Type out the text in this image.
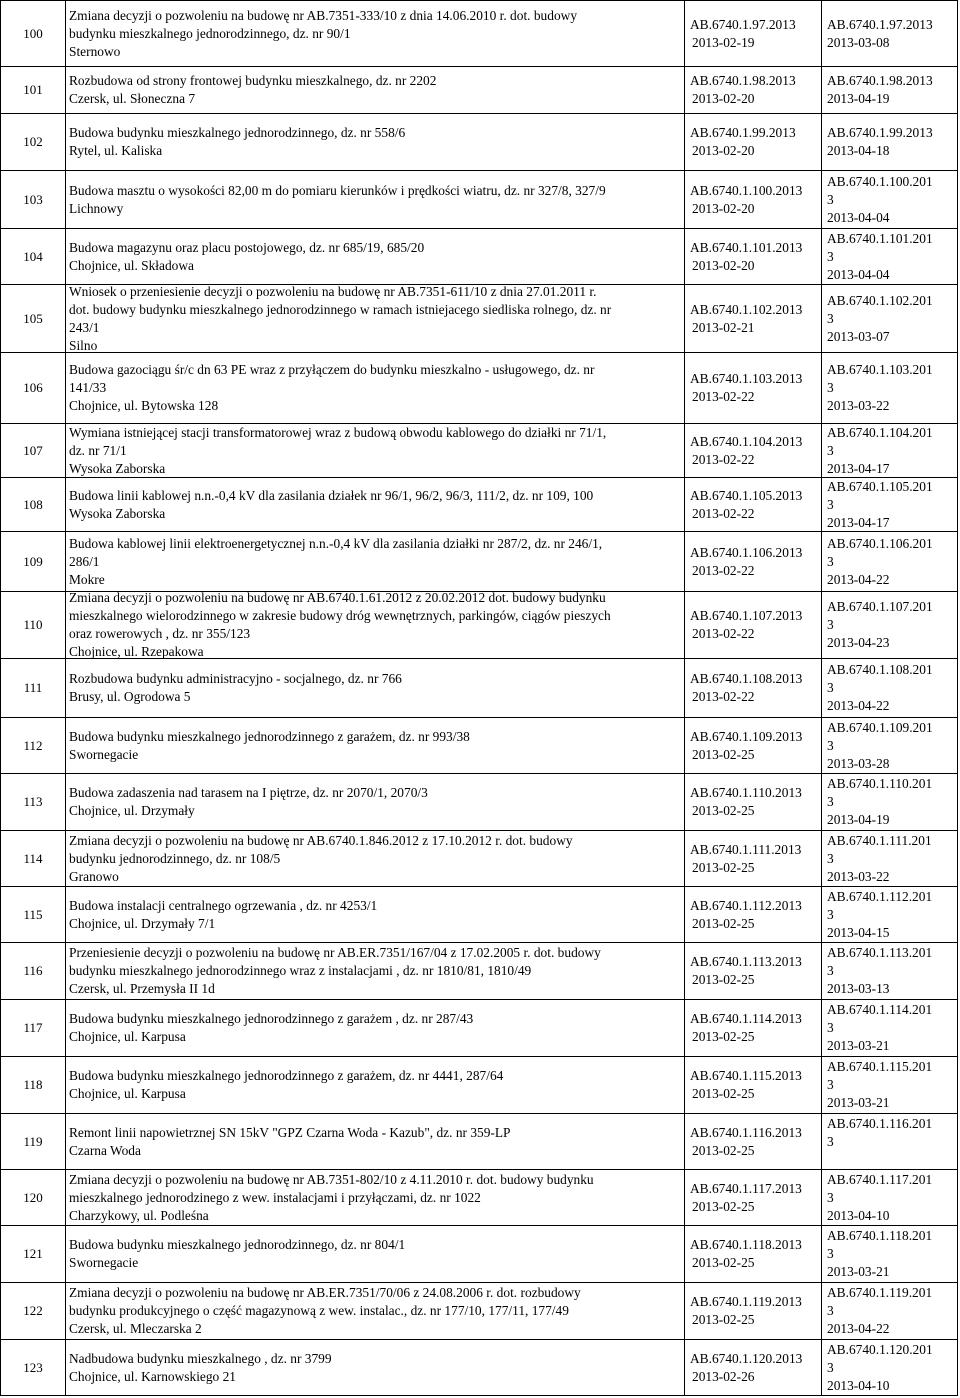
100
Zmiana decyzji o pozwoleniu na budowę nr AB.7351-333/10 z dnia 14.06.2010 r. dot. budowy
budynku mieszkalnego jednorodzinnego, dz. nr 90/1
Sternowo
AB.6740.1.97.2013
2013-02-19
AB.6740.1.97.2013
2013-03-08
101
Rozbudowa od strony frontowej budynku mieszkalnego, dz. nr 2202
Czersk, ul. Słoneczna 7
AB.6740.1.98.2013
2013-02-20
AB.6740.1.98.2013
2013-04-19
102
Budowa budynku mieszkalnego jednorodzinnego, dz. nr 558/6
Rytel, ul. Kaliska
AB.6740.1.99.2013
2013-02-20
AB.6740.1.99.2013
2013-04-18
103
Budowa masztu o wysokości 82,00 m do pomiaru kierunków i prędkości wiatru, dz. nr 327/8, 327/9
Lichnowy
AB.6740.1.100.2013
2013-02-20
AB.6740.1.100.201
3
2013-04-04
104
Budowa magazynu oraz placu postojowego, dz. nr 685/19, 685/20
Chojnice, ul. Składowa
AB.6740.1.101.2013
2013-02-20
AB.6740.1.101.201
3
2013-04-04
105
Wniosek o przeniesienie decyzji o pozwoleniu na budowę nr AB.7351-611/10 z dnia 27.01.2011 r.
dot. budowy budynku mieszkalnego jednorodzinnego w ramach istniejacego siedliska rolnego, dz. nr
243/1
Silno
AB.6740.1.102.2013
2013-02-21
AB.6740.1.102.201
3
2013-03-07
106
Budowa gazociągu śr/c dn 63 PE wraz z przyłączem do budynku mieszkalno - usługowego, dz. nr
141/33
Chojnice, ul. Bytowska 128
AB.6740.1.103.2013
2013-02-22
AB.6740.1.103.201
3
2013-03-22
107
Wymiana istniejącej stacji transformatorowej wraz z budową obwodu kablowego do działki nr 71/1,
dz. nr 71/1
Wysoka Zaborska
AB.6740.1.104.2013
2013-02-22
AB.6740.1.104.201
3
2013-04-17
108
Budowa linii kablowej n.n.-0,4 kV dla zasilania działek nr 96/1, 96/2, 96/3, 111/2, dz. nr 109, 100
Wysoka Zaborska
AB.6740.1.105.2013
2013-02-22
AB.6740.1.105.201
3
2013-04-17
109
Budowa kablowej linii elektroenergetycznej n.n.-0,4 kV dla zasilania działki nr 287/2, dz. nr 246/1,
286/1
Mokre
AB.6740.1.106.2013
2013-02-22
AB.6740.1.106.201
3
2013-04-22
110
Zmiana decyzji o pozwoleniu na budowę nr AB.6740.1.61.2012 z 20.02.2012 dot. budowy budynku
mieszkalnego wielorodzinnego w zakresie budowy dróg wewnętrznych, parkingów, ciągów pieszych
oraz rowerowych , dz. nr 355/123
Chojnice, ul. Rzepakowa
AB.6740.1.107.2013
2013-02-22
AB.6740.1.107.201
3
2013-04-23
111
Rozbudowa budynku administracyjno - socjalnego, dz. nr 766
Brusy, ul. Ogrodowa 5
AB.6740.1.108.2013
2013-02-22
AB.6740.1.108.201
3
2013-04-22
112
Budowa budynku mieszkalnego jednorodzinnego z garażem, dz. nr 993/38
Swornegacie
AB.6740.1.109.2013
2013-02-25
AB.6740.1.109.201
3
2013-03-28
113
Budowa zadaszenia nad tarasem na I piętrze, dz. nr 2070/1, 2070/3
Chojnice, ul. Drzymały
AB.6740.1.110.2013
2013-02-25
AB.6740.1.110.201
3
2013-04-19
114
Zmiana decyzji o pozwoleniu na budowę nr AB.6740.1.846.2012 z 17.10.2012 r. dot. budowy
budynku jednorodzinnego, dz. nr 108/5
Granowo
AB.6740.1.111.2013
2013-02-25
AB.6740.1.111.201
3
2013-03-22
115
Budowa instalacji centralnego ogrzewania , dz. nr 4253/1
Chojnice, ul. Drzymały 7/1
AB.6740.1.112.2013
2013-02-25
AB.6740.1.112.201
3
2013-04-15
116
Przeniesienie decyzji o pozwoleniu na budowę nr AB.ER.7351/167/04 z 17.02.2005 r. dot. budowy
budynku mieszkalnego jednorodzinnego wraz z instalacjami , dz. nr 1810/81, 1810/49
Czersk, ul. Przemysła II 1d
AB.6740.1.113.2013
2013-02-25
AB.6740.1.113.201
3
2013-03-13
117
Budowa budynku mieszkalnego jednorodzinnego z garażem , dz. nr 287/43
Chojnice, ul. Karpusa
AB.6740.1.114.2013
2013-02-25
AB.6740.1.114.201
3
2013-03-21
118
Budowa budynku mieszkalnego jednorodzinnego z garażem, dz. nr 4441, 287/64
Chojnice, ul. Karpusa
AB.6740.1.115.2013
2013-02-25
AB.6740.1.115.201
3
2013-03-21
119
Remont linii napowietrznej SN 15kV "GPZ Czarna Woda - Kazub", dz. nr 359-LP
Czarna Woda
AB.6740.1.116.2013
2013-02-25
AB.6740.1.116.201
3

120
Zmiana decyzji o pozwoleniu na budowę nr AB.7351-802/10 z 4.11.2010 r. dot. budowy budynku
mieszkalnego jednorodzinego z wew. instalacjami i przyłączami, dz. nr 1022
Charzykowy, ul. Podleśna
AB.6740.1.117.2013
2013-02-25
AB.6740.1.117.201
3
2013-04-10
121
Budowa budynku mieszkalnego jednorodzinnego, dz. nr 804/1
Swornegacie
AB.6740.1.118.2013
2013-02-25
AB.6740.1.118.201
3
2013-03-21
122
Zmiana decyzji o pozwoleniu na budowę nr AB.ER.7351/70/06 z 24.08.2006 r. dot. rozbudowy
budynku produkcyjnego o część magazynową z wew. instalac., dz. nr 177/10, 177/11, 177/49
Czersk, ul. Mleczarska 2
AB.6740.1.119.2013
2013-02-25
AB.6740.1.119.201
3
2013-04-22
123
Nadbudowa budynku mieszkalnego , dz. nr 3799
Chojnice, ul. Karnowskiego 21
AB.6740.1.120.2013
2013-02-26
AB.6740.1.120.201
3
2013-04-10
